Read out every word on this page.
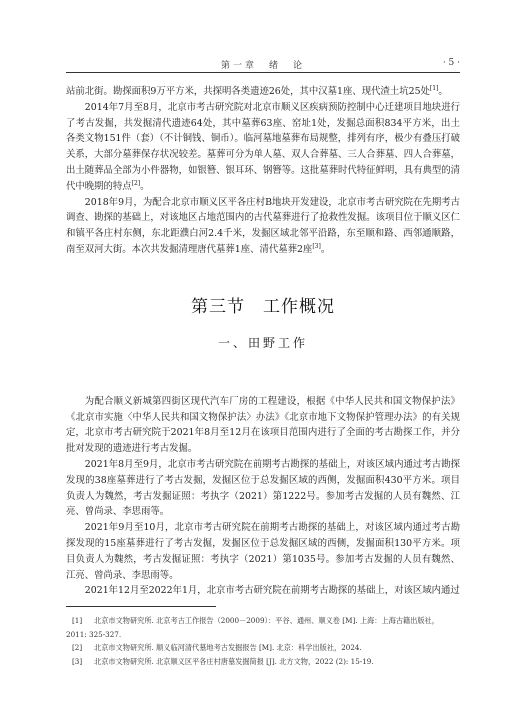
第一章　绪　论	· 5 ·

站前北街。勘探面积9万平方米，共探明各类遗迹26处，其中汉墓1座、现代渣土坑25处[1]。

2014年7月至8月，北京市考古研究院对北京市顺义区疾病预防控制中心迁建项目地块进行了考古发掘，共发掘清代遗迹64处，其中墓葬63座、窑址1处，发掘总面积834平方米，出土各类文物151件（套）（不计铜钱、铜币）。临河墓地墓葬布局规整，排列有序，极少有叠压打破关系，大部分墓葬保存状况较差。墓葬可分为单人墓、双人合葬墓、三人合葬墓、四人合葬墓，出土随葬品全部为小件器物，如银簪、银耳环、钢簪等。这批墓葬时代特征鲜明，具有典型的清代中晚期的特点[2]。

2018年9月，为配合北京市顺义区平各庄村B地块开发建设，北京市考古研究院在先期考古调查、勘探的基础上，对该地区占地范围内的古代墓葬进行了抢救性发掘。该项目位于顺义区仁和镇平各庄村东侧，东北距濮白河2.4千米，发掘区域北邻平沿路，东至顺和路、西邻通顺路，南至双河大街。本次共发掘清理唐代墓葬1座、清代墓葬2座[3]。

第三节　工作概况
一、田野工作

为配合顺义新城第四街区现代汽车厂房的工程建设，根据《中华人民共和国文物保护法》《北京市实施〈中华人民共和国文物保护法〉办法》《北京市地下文物保护管理办法》的有关规定，北京市考古研究院于2021年8月至12月在该项目范围内进行了全面的考古勘探工作，并分批对发现的遗迹进行考古发掘。

2021年8月至9月，北京市考古研究院在前期考古勘探的基础上，对该区域内通过考古勘探发现的38座墓葬进行了考古发掘，发掘区位于总发掘区域的西侧，发掘面积430平方米。项目负责人为魏然，考古发掘证照：考执字（2021）第1222号。参加考古发掘的人员有魏然、江亮、曾尚录、李思雨等。

2021年9月至10月，北京市考古研究院在前期考古勘探的基础上，对该区域内通过考古勘探发现的15座墓葬进行了考古发掘，发掘区位于总发掘区域的西侧，发掘面积130平方米。项目负责人为魏然，考古发掘证照：考执字（2021）第1035号。参加考古发掘的人员有魏然、江亮、曾尚录、李思雨等。

2021年12月至2022年1月，北京市考古研究院在前期考古勘探的基础上，对该区域内通过

[1] 北京市文物研究所. 北京考古工作报告（2000－2009）：平谷、通州、顺义卷 [M]. 上海：上海古籍出版社，
2011: 325-327.
[2] 北京市文物研究所. 顺义临河清代墓地考古发掘报告 [M]. 北京：科学出版社，2024.
[3] 北京市文物研究所. 北京顺义区平各庄村唐墓发掘简报 [J]. 北方文物，2022 (2): 15-19.
